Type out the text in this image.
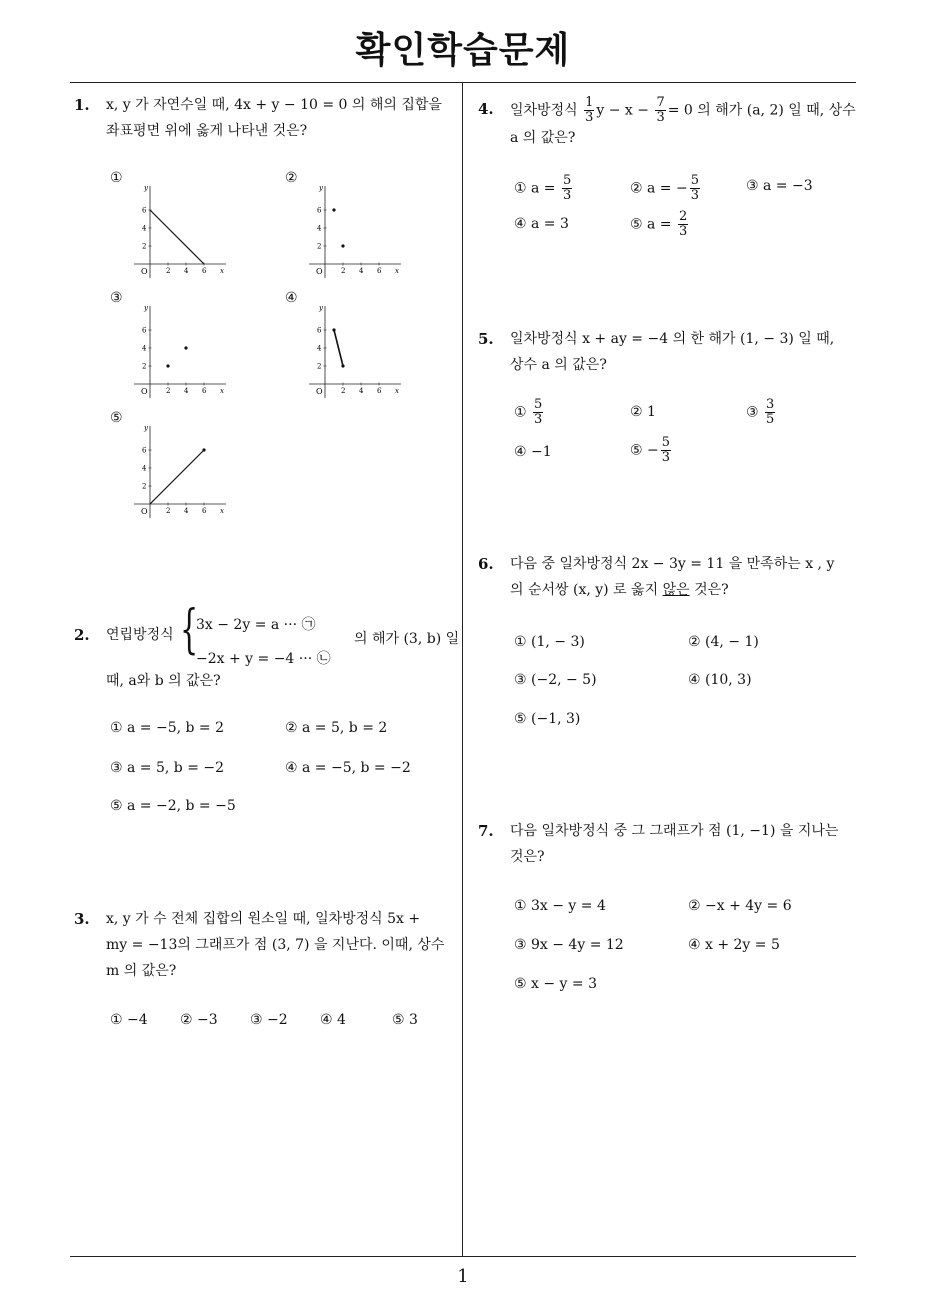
확인학습문제
1
1. x, y 가 자연수일 때, 4x + y − 10 = 0 의 해의 집합을 좌표평면 위에 옳게 나타낸 것은?

①	②
③	④
⑤
y
x
O	2
2
4
4
6
6
y
x
O	2
2
4
4
6
6
y
x
O	2
2
4
4
6
6
y
x
O	2
2
4
4
6
6
y
x
O	2
2
4
4
6
6
2. 연립방정식 {
3x − 2y = a ··· ㉠
−2x + y = −4 ··· ㉡
의 해가 (3, b) 일
때, a와 b 의 값은?
① a = −5, b = 2	② a = 5, b = 2
③ a = 5, b = −2	④ a = −5, b = −2
⑤ a = −2, b = −5
3. x, y 가 수 전체 집합의 원소일 때, 일차방정식 5x +
my = −13의 그래프가 점 (3, 7) 을 지난다. 이때, 상수
m 의 값은?
① −4 ② −3 ③ −2 ④ 4	⑤ 3
4. 일차방정식 $\frac{1}{3}$ $y - x - \frac{7}{3} = 0$ 의 해가 (a, 2) 일 때, 상수
a 의 값은?
① $a = \frac{5}{3}$	② a = − $\frac{5}{3}$	③ a = −3
④ a = 3	⑤ $a = \frac{2}{3}$
5. 일차방정식 x + ay = −4 의 한 해가 (1, − 3) 일 때,
상수 a 의 값은?
① $\frac{5}{3}$	② 1	③ $\frac{3}{5}$
④ −1	⑤ − $\frac{5}{3}$
6. 다음 중 일차방정식 2x − 3y = 11 을 만족하는 x , y
의 순서쌍 (x, y) 로 옳지 않은 것은?
① (1, − 3)	② (4, − 1)
③ (−2, − 5)	④ (10, 3)
⑤ (−1, 3)
7. 다음 일차방정식 중 그 그래프가 점 (1, −1) 을 지나는
것은?
① 3x − y = 4	② −x + 4y = 6
③ 9x − 4y = 12	④ x + 2y = 5
⑤ x − y = 3
